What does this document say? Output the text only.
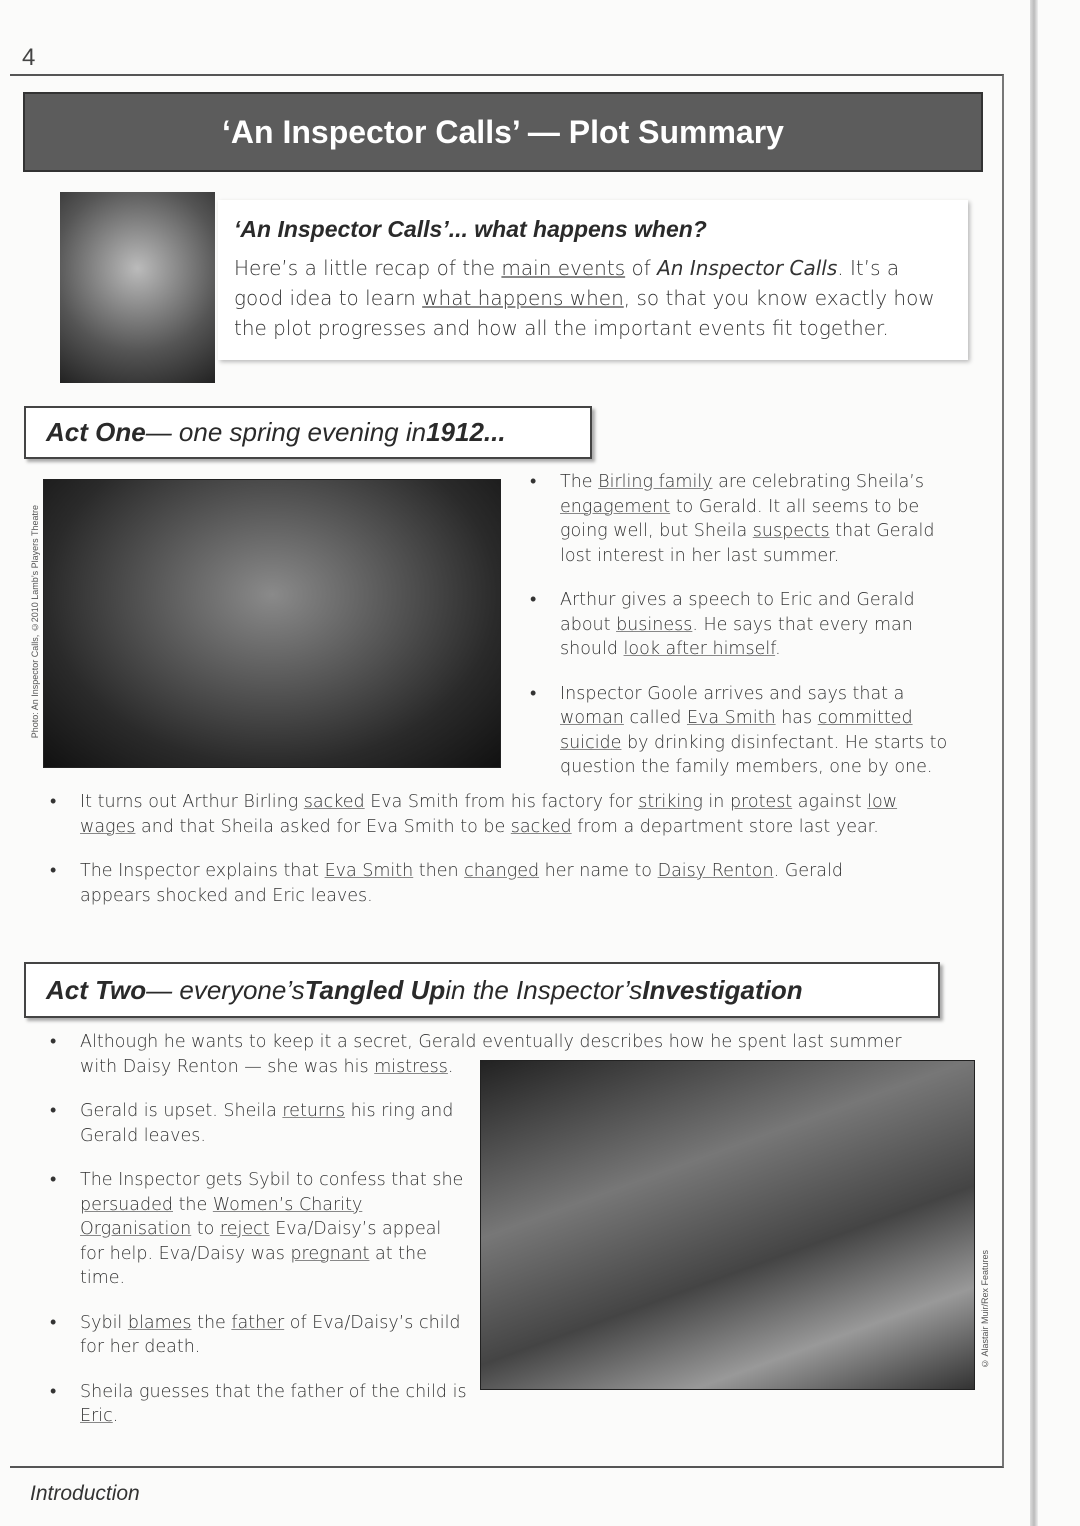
4
‘An Inspector Calls’ — Plot Summary
‘An Inspector Calls’... what happens when?
Here’s a little recap of the main events of An Inspector Calls. It’s a good idea to learn what happens when, so that you know exactly how the plot progresses and how all the important events fit together.
Act One — one spring evening in 1912...
Photo: An Inspector Calls, ©2010 Lamb’s Players Theatre
• The Birling family are celebrating Sheila’s engagement to Gerald. It all seems to be going well, but Sheila suspects that Gerald lost interest in her last summer.
• Arthur gives a speech to Eric and Gerald about business. He says that every man should look after himself.
• Inspector Goole arrives and says that a woman called Eva Smith has committed suicide by drinking disinfectant. He starts to question the family members, one by one.
• It turns out Arthur Birling sacked Eva Smith from his factory for striking in protest against low wages and that Sheila asked for Eva Smith to be sacked from a department store last year.
• The Inspector explains that Eva Smith then changed her name to Daisy Renton. Gerald appears shocked and Eric leaves.
Act Two — everyone’s Tangled Up in the Inspector’s Investigation
© Alastair Muir/Rex Features
• Although he wants to keep it a secret, Gerald eventually describes how he spent last summer with Daisy Renton — she was his mistress.
• Gerald is upset. Sheila returns his ring and Gerald leaves.
• The Inspector gets Sybil to confess that she persuaded the Women’s Charity Organisation to reject Eva/Daisy’s appeal for help. Eva/Daisy was pregnant at the time.
• Sybil blames the father of Eva/Daisy’s child for her death.
• Sheila guesses that the father of the child is Eric.
Introduction
